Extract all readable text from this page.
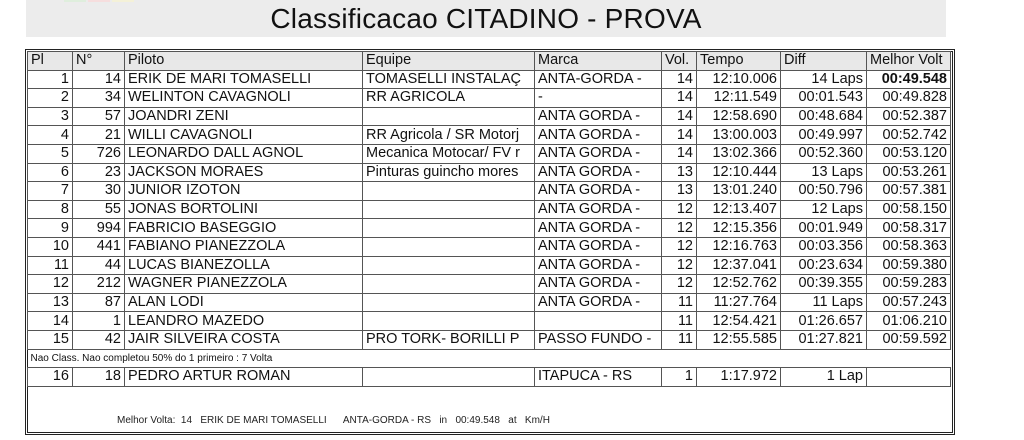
Classificacao CITADINO - PROVA
Pl	N°	Piloto	Equipe	Marca	Vol.	Tempo	Diff	Melhor Volt
1	14	ERIK DE MARI TOMASELLI	TOMASELLI INSTALAÇ	ANTA-GORDA -	14	12:10.006	14 Laps	00:49.548
2	34	WELINTON CAVAGNOLI	RR AGRICOLA	-	14	12:11.549	00:01.543	00:49.828
3	57	JOANDRI ZENI		ANTA GORDA -	14	12:58.690	00:48.684	00:52.387
4	21	WILLI CAVAGNOLI	RR Agricola / SR Motorj	ANTA GORDA -	14	13:00.003	00:49.997	00:52.742
5	726	LEONARDO DALL AGNOL	Mecanica Motocar/ FV r	ANTA GORDA -	14	13:02.366	00:52.360	00:53.120
6	23	JACKSON MORAES	Pinturas guincho mores	ANTA GORDA -	13	12:10.444	13 Laps	00:53.261
7	30	JUNIOR IZOTON		ANTA GORDA -	13	13:01.240	00:50.796	00:57.381
8	55	JONAS BORTOLINI		ANTA GORDA -	12	12:13.407	12 Laps	00:58.150
9	994	FABRICIO BASEGGIO		ANTA GORDA -	12	12:15.356	00:01.949	00:58.317
10	441	FABIANO PIANEZZOLA		ANTA GORDA -	12	12:16.763	00:03.356	00:58.363
11	44	LUCAS BIANEZOLLA		ANTA GORDA -	12	12:37.041	00:23.634	00:59.380
12	212	WAGNER PIANEZZOLA		ANTA GORDA -	12	12:52.762	00:39.355	00:59.283
13	87	ALAN LODI		ANTA GORDA -	11	11:27.764	11 Laps	00:57.243
14	1	LEANDRO MAZEDO			11	12:54.421	01:26.657	01:06.210
15	42	JAIR SILVEIRA COSTA	PRO TORK- BORILLI P	PASSO FUNDO -	11	12:55.585	01:27.821	00:59.592
Nao Class. Nao completou 50% do 1 primeiro : 7 Volta								
16	18	PEDRO ARTUR ROMAN		ITAPUCA - RS	1	1:17.972	1 Lap	
Melhor Volta:  14   ERIK DE MARI TOMASELLI      ANTA-GORDA - RS   in   00:49.548   at   Km/H
